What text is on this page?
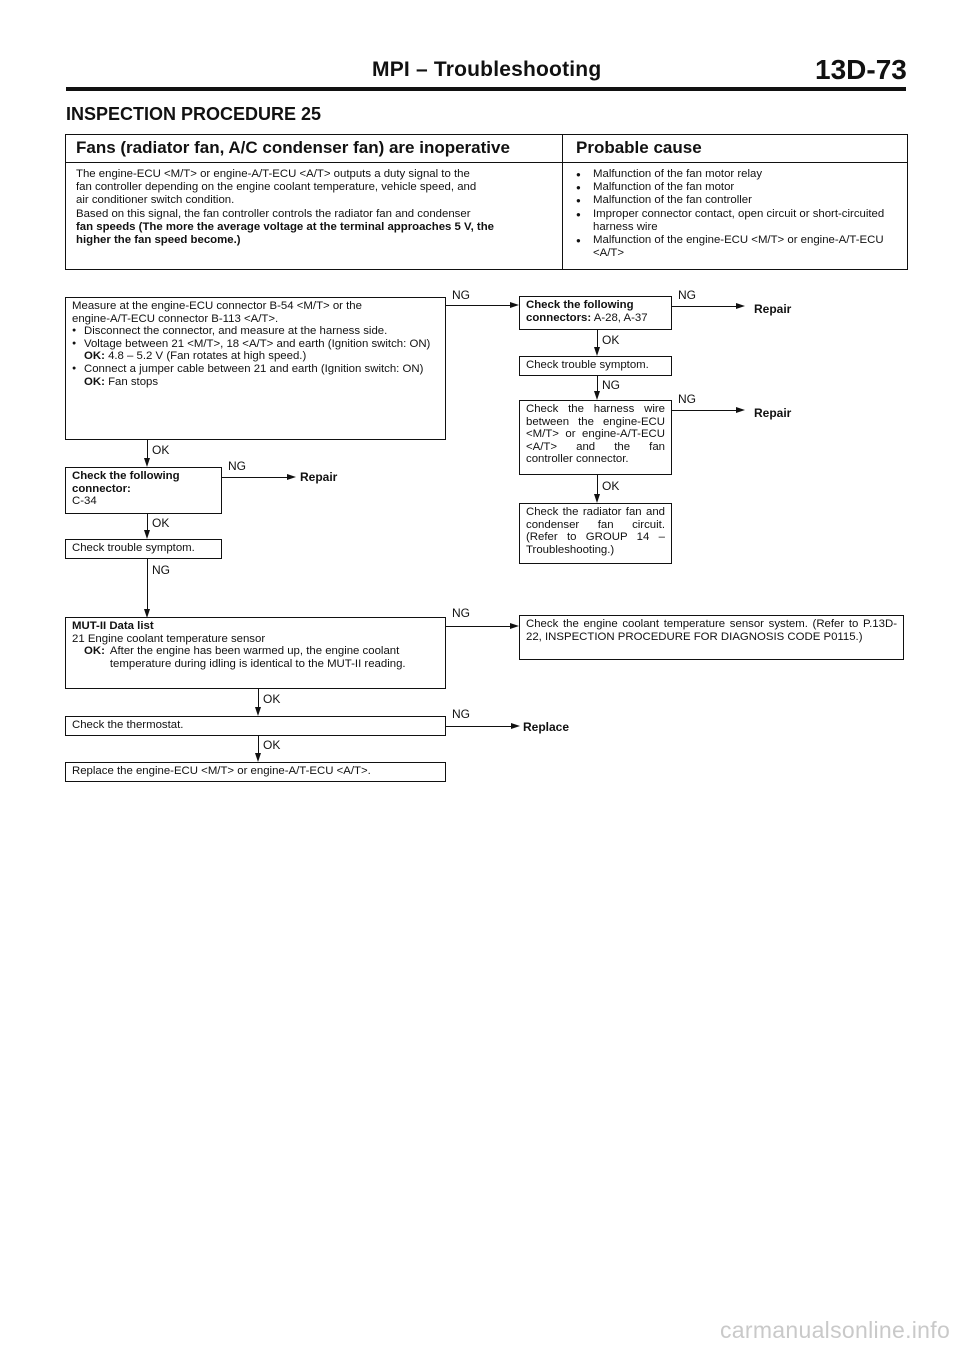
MPI – Troubleshooting	13D-73
INSPECTION PROCEDURE 25
Fans (radiator fan, A/C condenser fan) are inoperative	Probable cause

The engine-ECU <M/T> or engine-A/T-ECU <A/T> outputs a duty signal to the

fan controller depending on the engine coolant temperature, vehicle speed, and

air conditioner switch condition.

Based on this signal, the fan controller controls the radiator fan and condenser

fan speeds (The more the average voltage at the terminal approaches 5 V, the

higher the fan speed become.)

● Malfunction of the fan motor relay
● Malfunction of the fan motor
● Malfunction of the fan controller
● Improper connector contact, open circuit or short-circuited harness wire
● Malfunction of the engine-ECU <M/T> or engine-A/T-ECU <A/T>
Measure at the engine-ECU connector B-54 <M/T> or the
engine-A/T-ECU connector B-113 <A/T>.
● Disconnect the connector, and measure at the harness side.
● Voltage between 21 <M/T>, 18 <A/T> and earth (Ignition switch: ON)
OK: 4.8 – 5.2 V (Fan rotates at high speed.)
● Connect a jumper cable between 21 and earth (Ignition switch: ON)
OK: Fan stops
NG
OK
Check the following connector:
C-34
NG
Repair
OK
Check trouble symptom.
NG
MUT-II Data list
21 Engine coolant temperature sensor
OK: After the engine has been warmed up, the engine coolant temperature during idling is identical to the MUT-II reading.
NG
Check the engine coolant temperature sensor system. (Refer to P.13D-22, INSPECTION PROCEDURE FOR DIAGNOSIS CODE P0115.)
OK
Check the thermostat.
NG
Replace
OK
Replace the engine-ECU <M/T> or engine-A/T-ECU <A/T>.
Check the following
connectors: A-28, A-37
NG
Repair
OK
Check trouble symptom.
NG
Check the harness wire between the engine-ECU <M/T> or engine-A/T-ECU <A/T> and the fan controller connector.
NG
Repair
OK
Check the radiator fan and condenser fan circuit. (Refer to GROUP 14 – Troubleshooting.)
carmanualsonline.info
